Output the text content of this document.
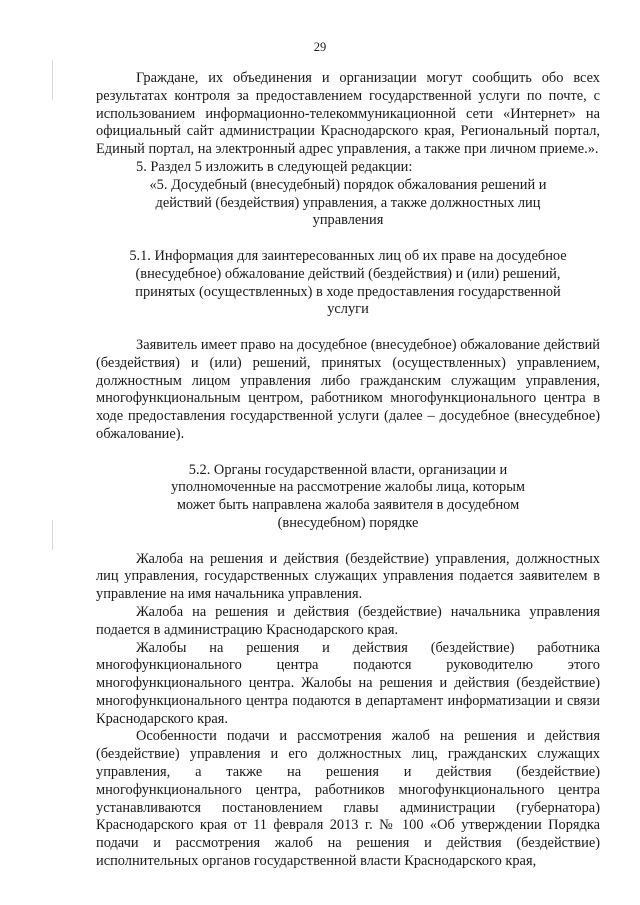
29

Граждане, их объединения и организации могут сообщить обо всех результатах контроля за предоставлением государственной услуги по почте, с использованием информационно-телекоммуникационной сети «Интернет» на официальный сайт администрации Краснодарского края, Региональный портал, Единый портал, на электронный адрес управления, а также при личном приеме.».

5. Раздел 5 изложить в следующей редакции:

«5. Досудебный (внесудебный) порядок обжалования решений и действий (бездействия) управления, а также должностных лиц управления

5.1. Информация для заинтересованных лиц об их праве на досудебное (внесудебное) обжалование действий (бездействия) и (или) решений, принятых (осуществленных) в ходе предоставления государственной услуги

Заявитель имеет право на досудебное (внесудебное) обжалование действий (бездействия) и (или) решений, принятых (осуществленных) управлением, должностным лицом управления либо гражданским служащим управления, многофункциональным центром, работником многофункционального центра в ходе предоставления государственной услуги (далее – досудебное (внесудебное) обжалование).

5.2. Органы государственной власти, организации и уполномоченные на рассмотрение жалобы лица, которым может быть направлена жалоба заявителя в досудебном (внесудебном) порядке

Жалоба на решения и действия (бездействие) управления, должностных лиц управления, государственных служащих управления подается заявителем в управление на имя начальника управления.

Жалоба на решения и действия (бездействие) начальника управления подается в администрацию Краснодарского края.

Жалобы на решения и действия (бездействие) работника многофункционального центра подаются руководителю этого многофункционального центра. Жалобы на решения и действия (бездействие) многофункционального центра подаются в департамент информатизации и связи Краснодарского края.

Особенности подачи и рассмотрения жалоб на решения и действия (бездействие) управления и его должностных лиц, гражданских служащих управления, а также на решения и действия (бездействие) многофункционального центра, работников многофункционального центра устанавливаются постановлением главы администрации (губернатора) Краснодарского края от 11 февраля 2013 г. № 100 «Об утверждении Порядка подачи и рассмотрения жалоб на решения и действия (бездействие) исполнительных органов государственной власти Краснодарского края,
